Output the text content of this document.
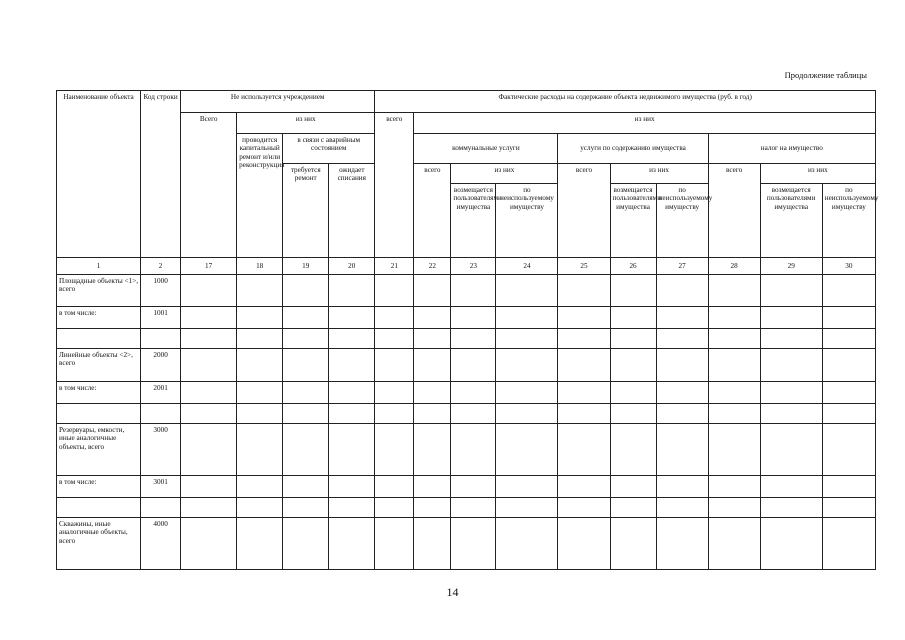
Продолжение таблицы
Наименование объекта	Код строки	Не используется учреждением				Фактические расходы на содержание объекта недвижимого имущества (руб. в год)									
		Всего	из них			всего	из них								
			проводится капитальный ремонт и/или реконструкция	в связи с аварийным состоянием			коммунальные услуги			услуги по содержанию имущества			налог на имущество		
				требуется ремонт	ожидает списания		всего	из них		всего	из них		всего	из них	
								возмещается пользователями имущества	по неиспользуемому имуществу		возмещается пользователями имущества	по неиспользуемому имуществу		возмещается пользователями имущества	по неиспользуемому имуществу
1	2	17	18	19	20	21	22	23	24	25	26	27	28	29	30
Площадные объекты <1>, всего	1000														
в том числе:	1001														

Линейные объекты <2>, всего	2000														
в том числе:	2001														

Резервуары, емкости, иные аналогичные объекты, всего	3000														
в том числе:	3001														

Скважины, иные аналогичные объекты, всего	4000														
14
